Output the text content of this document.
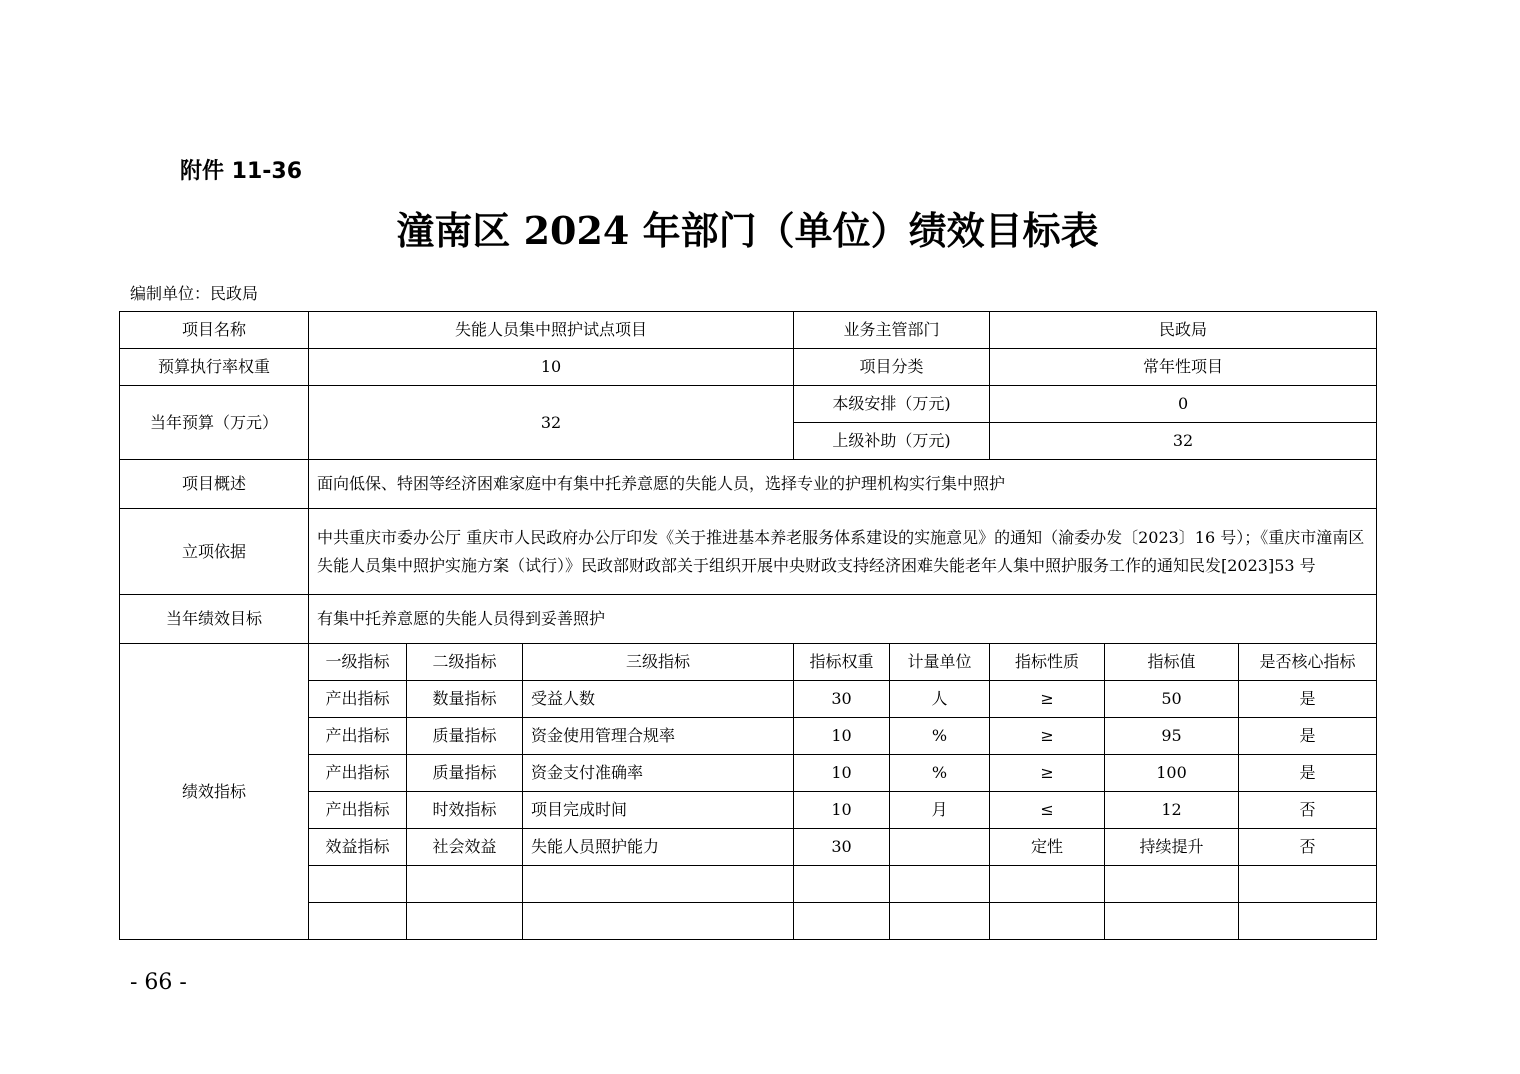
附件 11-36
潼南区 2024 年部门（单位）绩效目标表
编制单位：民政局
项目名称	失能人员集中照护试点项目			业务主管部门		民政局		
预算执行率权重	10			项目分类		常年性项目		
当年预算（万元）	32			本级安排（万元)		0		
				上级补助（万元)		32		
项目概述	面向低保、特困等经济困难家庭中有集中托养意愿的失能人员，选择专业的护理机构实行集中照护							
立项依据	中共重庆市委办公厅 重庆市人民政府办公厅印发《关于推进基本养老服务体系建设的实施意见》的通知（渝委办发〔2023〕16 号）；《重庆市潼南区失能人员集中照护实施方案（试行）》民政部财政部关于组织开展中央财政支持经济困难失能老年人集中照护服务工作的通知民发[2023]53 号							
当年绩效目标	有集中托养意愿的失能人员得到妥善照护							
绩效指标	一级指标	二级指标	三级指标	指标权重	计量单位	指标性质	指标值	是否核心指标
	产出指标	数量指标	受益人数	30	人	≥	50	是
	产出指标	质量指标	资金使用管理合规率	10	%	≥	95	是
	产出指标	质量指标	资金支付准确率	10	%	≥	100	是
	产出指标	时效指标	项目完成时间	10	月	≤	12	否
	效益指标	社会效益	失能人员照护能力	30		定性	持续提升	否

- 66 -
